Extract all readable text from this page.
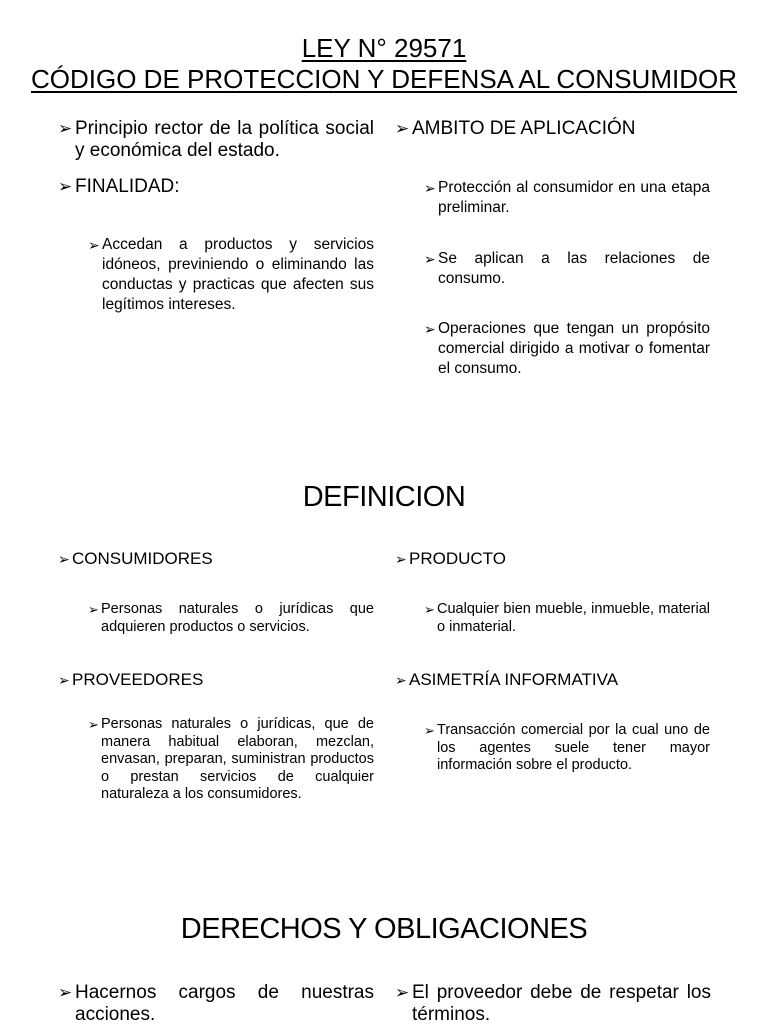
LEY N° 29571
CÓDIGO DE PROTECCION Y DEFENSA AL CONSUMIDOR
➢ Principio rector de la política social y económica del estado.
➢ FINALIDAD:
➢ Accedan a productos y servicios idóneos, previniendo o eliminando las conductas y practicas que afecten sus legítimos intereses.
➢ AMBITO DE APLICACIÓN
➢ Protección al consumidor en una etapa preliminar.
➢ Se aplican a las relaciones de consumo.
➢ Operaciones que tengan un propósito comercial dirigido a motivar o fomentar el consumo.
DEFINICION
➢ CONSUMIDORES
➢ Personas naturales o jurídicas que adquieren productos o servicios.
➢ PROVEEDORES
➢ Personas naturales o jurídicas, que de manera habitual elaboran, mezclan, envasan, preparan, suministran productos o prestan servicios de cualquier naturaleza a los consumidores.
➢ PRODUCTO
➢ Cualquier bien mueble, inmueble, material o inmaterial.
➢ ASIMETRÍA INFORMATIVA
➢ Transacción comercial por la cual uno de los agentes suele tener mayor información sobre el producto.
DERECHOS Y OBLIGACIONES
➢ Hacernos cargos de nuestras acciones.
➢ El proveedor debe de respetar los términos.
